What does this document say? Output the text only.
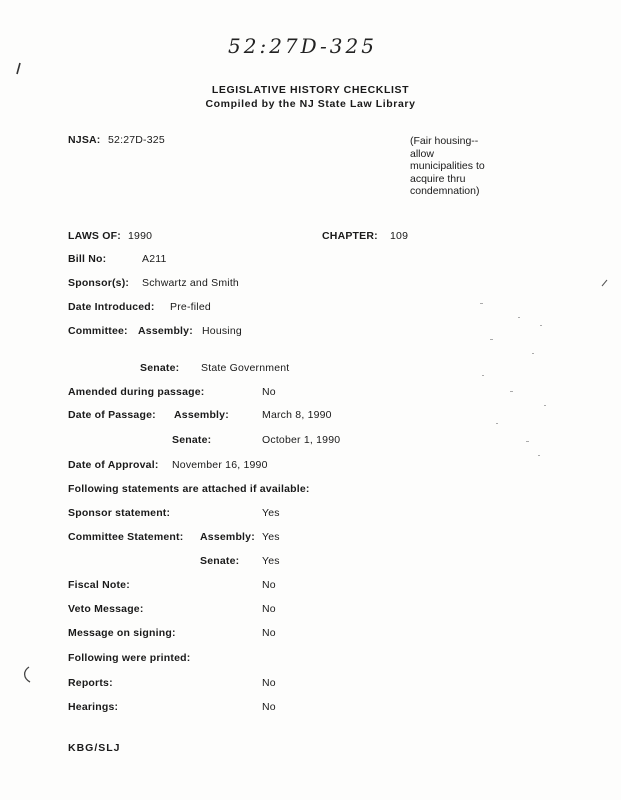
52:27D-325
LEGISLATIVE HISTORY CHECKLIST
Compiled by the NJ State Law Library
NJSA: 52:27D-325	(Fair housing--
allow
municipalities to
acquire thru
condemnation)
LAWS OF: 1990	CHAPTER: 109
Bill No:	A211
Sponsor(s): Schwartz and Smith
Date Introduced: Pre-filed
Committee: Assembly: Housing
Senate: State Government
Amended during passage:	No
Date of Passage: Assembly:	March 8, 1990
Senate:	October 1, 1990
Date of Approval: November 16, 1990
Following statements are attached if available:
Sponsor statement:	Yes
Committee Statement: Assembly: Yes
Senate: Yes
Fiscal Note:	No
Veto Message:	No
Message on signing:	No
Following were printed:
Reports:	No
Hearings:	No
KBG/SLJ
